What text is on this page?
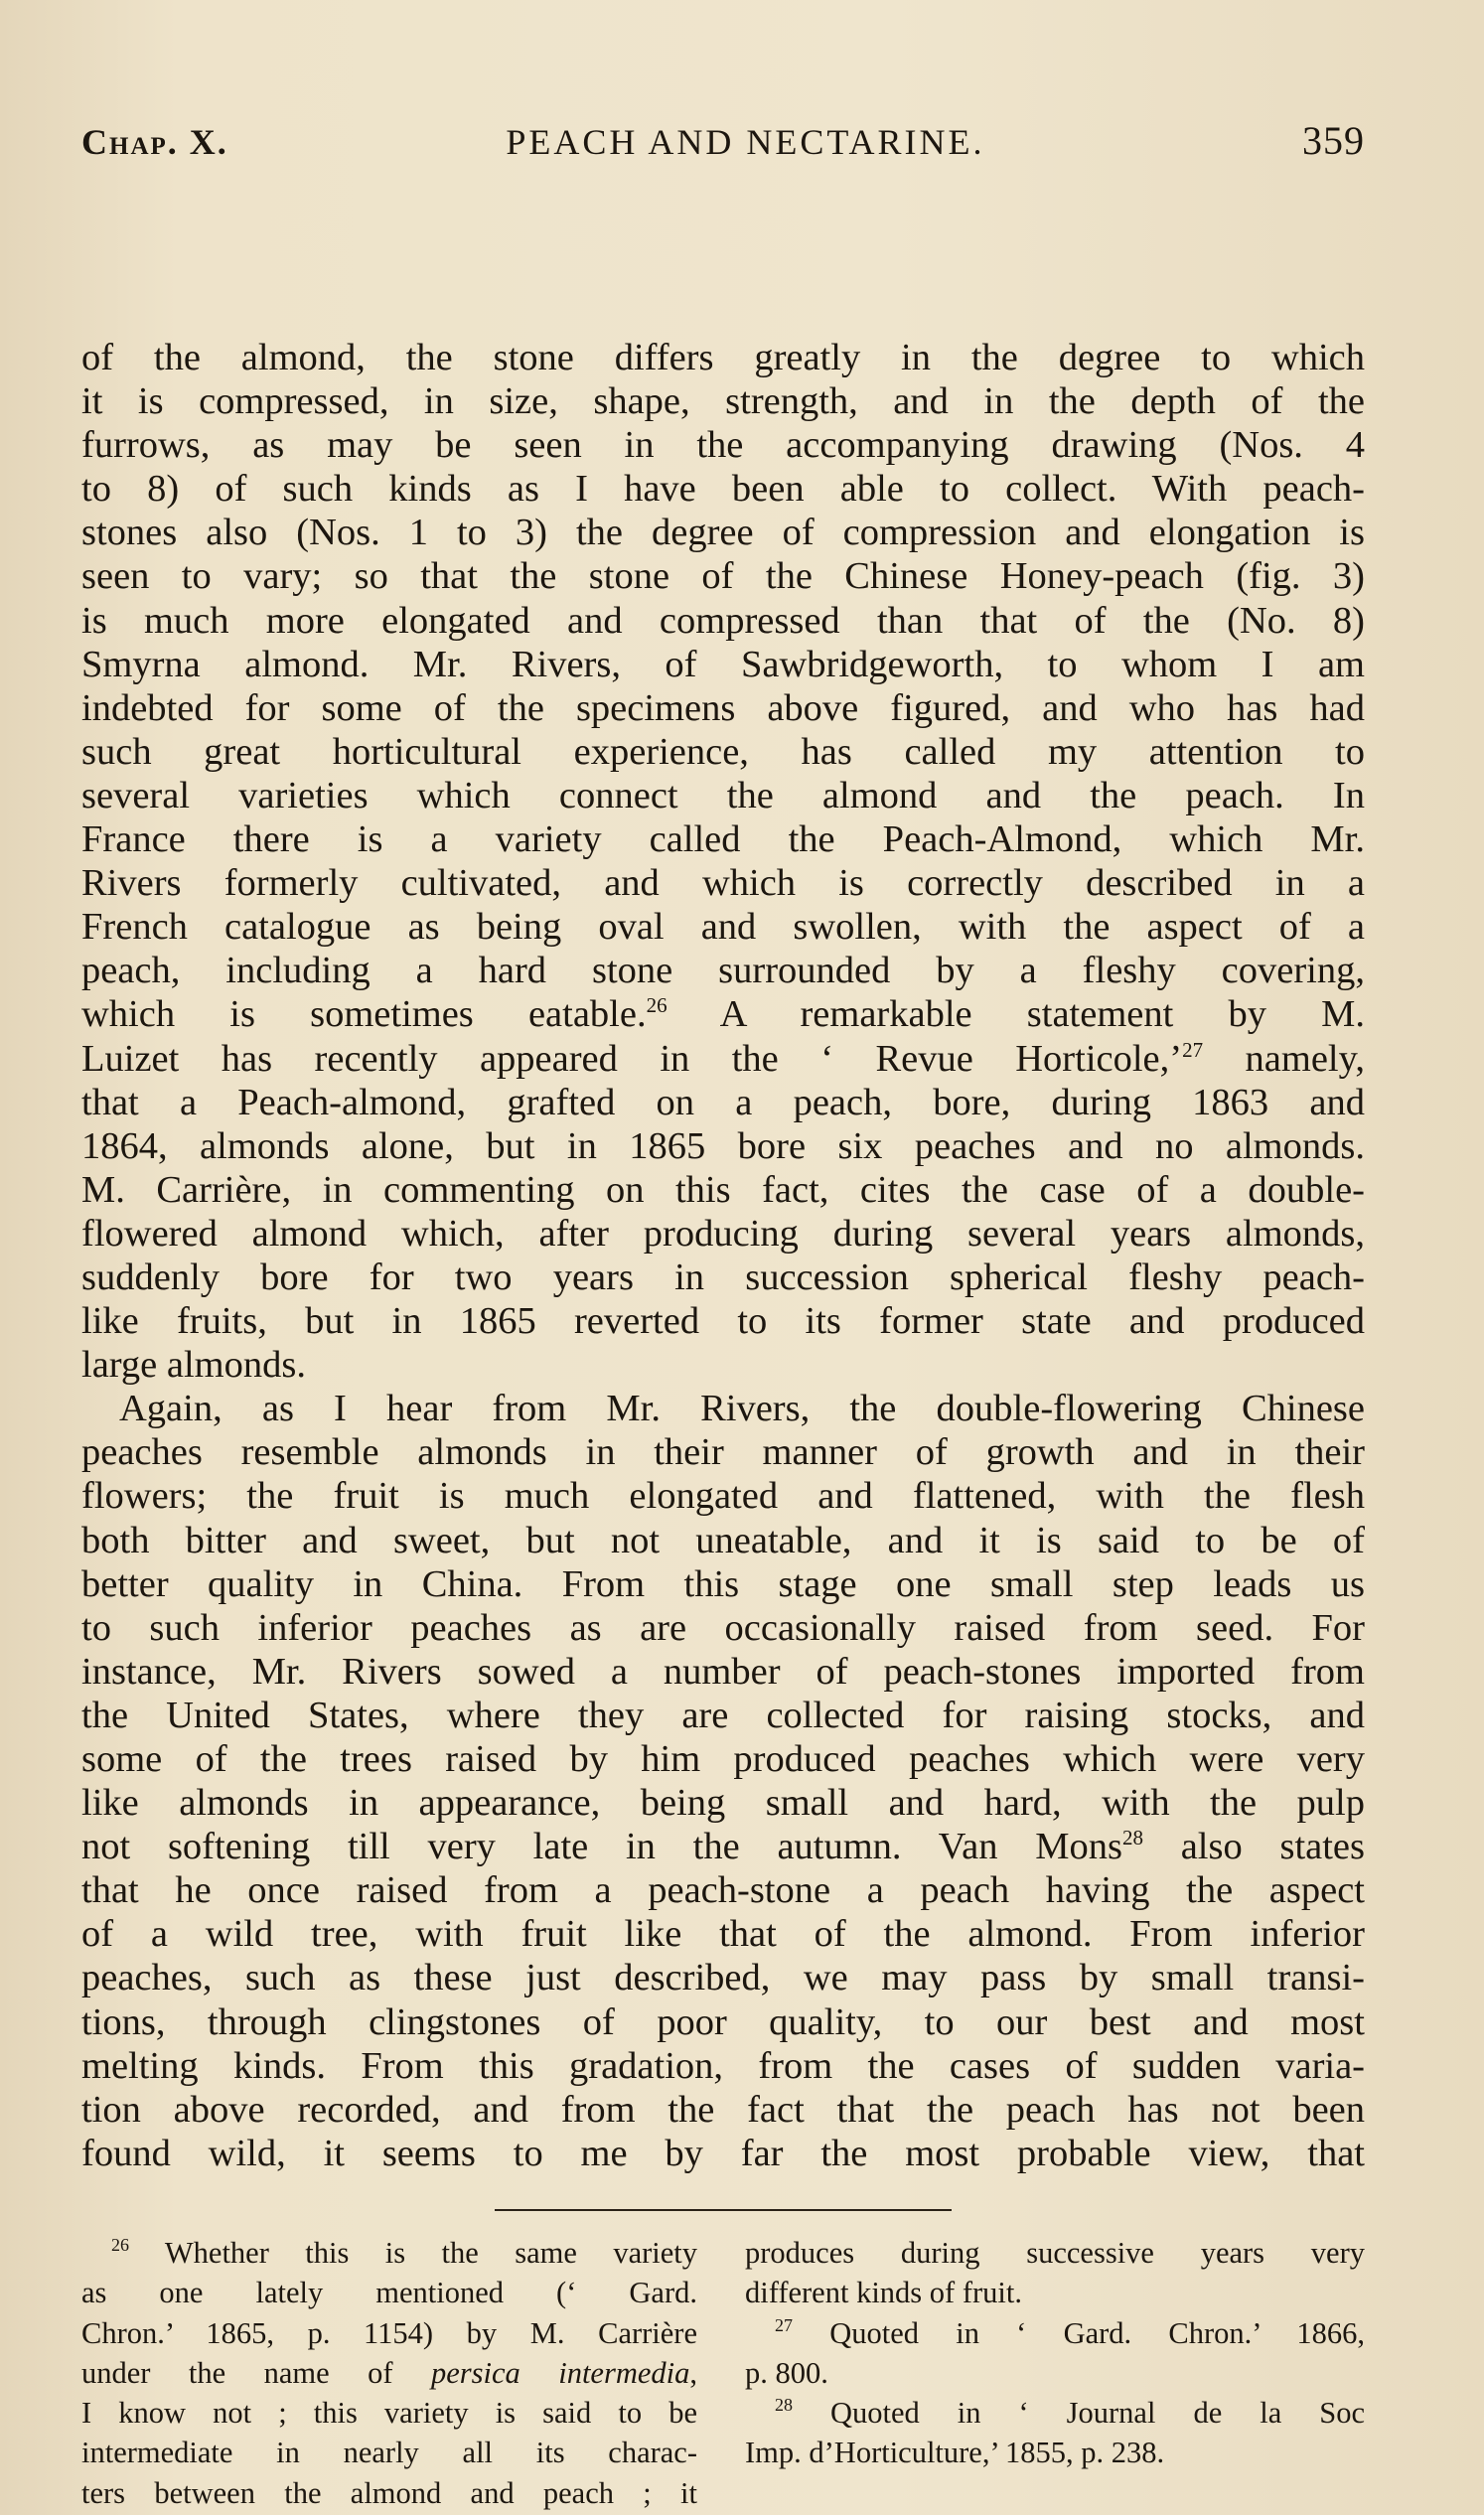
Chap. X.	PEACH AND NECTARINE.	359
of the almond, the stone differs greatly in the degree to which
it is compressed, in size, shape, strength, and in the depth of the
furrows, as may be seen in the accompanying drawing (Nos. 4
to 8) of such kinds as I have been able to collect. With peach-
stones also (Nos. 1 to 3) the degree of compression and elongation is
seen to vary; so that the stone of the Chinese Honey-peach (fig. 3)
is much more elongated and compressed than that of the (No. 8)
Smyrna almond. Mr. Rivers, of Sawbridgeworth, to whom I am
indebted for some of the specimens above figured, and who has had
such great horticultural experience, has called my attention to
several varieties which connect the almond and the peach. In
France there is a variety called the Peach-Almond, which Mr.
Rivers formerly cultivated, and which is correctly described in a
French catalogue as being oval and swollen, with the aspect of a
peach, including a hard stone surrounded by a fleshy covering,
which is sometimes eatable.$^{26}$ A remarkable statement by M.
Luizet has recently appeared in the ‘ Revue Horticole,’$^{27}$ namely,
that a Peach-almond, grafted on a peach, bore, during 1863 and
1864, almonds alone, but in 1865 bore six peaches and no almonds.
M. Carrière, in commenting on this fact, cites the case of a double-
flowered almond which, after producing during several years almonds,
suddenly bore for two years in succession spherical fleshy peach-
like fruits, but in 1865 reverted to its former state and produced
large almonds.
Again, as I hear from Mr. Rivers, the double-flowering Chinese
peaches resemble almonds in their manner of growth and in their
flowers; the fruit is much elongated and flattened, with the flesh
both bitter and sweet, but not uneatable, and it is said to be of
better quality in China. From this stage one small step leads us
to such inferior peaches as are occasionally raised from seed. For
instance, Mr. Rivers sowed a number of peach-stones imported from
the United States, where they are collected for raising stocks, and
some of the trees raised by him produced peaches which were very
like almonds in appearance, being small and hard, with the pulp
not softening till very late in the autumn. Van Mons$^{28}$ also states
that he once raised from a peach-stone a peach having the aspect
of a wild tree, with fruit like that of the almond. From inferior
peaches, such as these just described, we may pass by small transi-
tions, through clingstones of poor quality, to our best and most
melting kinds. From this gradation, from the cases of sudden varia-
tion above recorded, and from the fact that the peach has not been
found wild, it seems to me by far the most probable view, that
$^{26}$ Whether this is the same variety
as one lately mentioned (‘ Gard.
Chron.’ 1865, p. 1154) by M. Carrière
under the name of persica intermedia,
I know not ; this variety is said to be
intermediate in nearly all its charac-
ters between the almond and peach ; it
produces during successive years very
different kinds of fruit.
$^{27}$ Quoted in ‘ Gard. Chron.’ 1866,
p. 800.
$^{28}$ Quoted in ‘ Journal de la Soc
Imp. d’Horticulture,’ 1855, p. 238.
